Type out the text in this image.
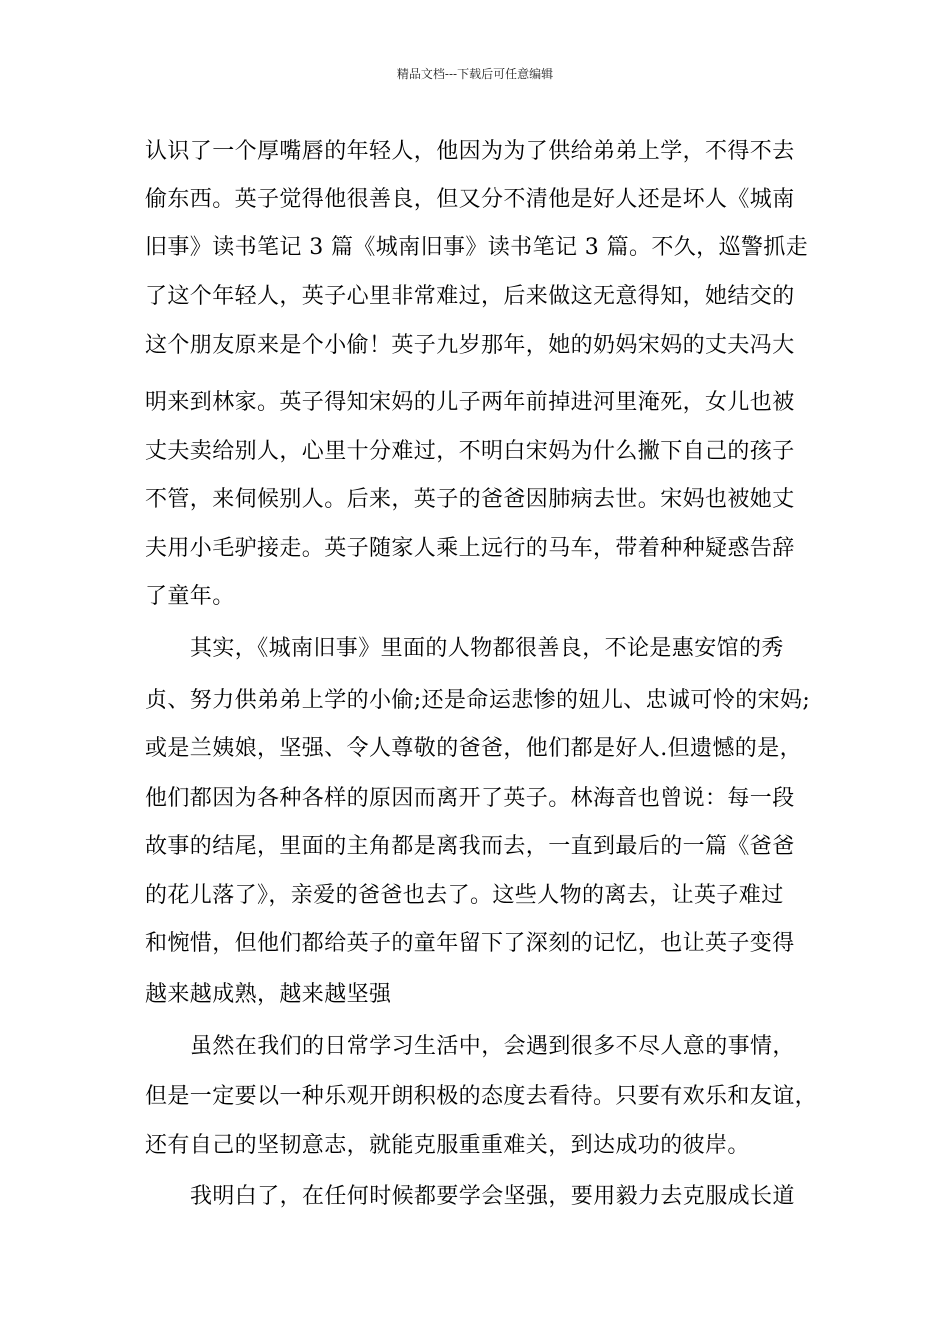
精品文档---下载后可任意编辑
认识了一个厚嘴唇的年轻人，他因为为了供给弟弟上学，不得不去
偷东西。英子觉得他很善良，但又分不清他是好人还是坏人《城南
旧事》读书笔记 3 篇《城南旧事》读书笔记 3 篇。不久，巡警抓走
了这个年轻人，英子心里非常难过，后来做这无意得知，她结交的
这个朋友原来是个小偷！英子九岁那年，她的奶妈宋妈的丈夫冯大
明来到林家。英子得知宋妈的儿子两年前掉进河里淹死，女儿也被
丈夫卖给别人，心里十分难过，不明白宋妈为什么撇下自己的孩子
不管，来伺候别人。后来，英子的爸爸因肺病去世。宋妈也被她丈
夫用小毛驴接走。英子随家人乘上远行的马车，带着种种疑惑告辞
了童年。
其实，《城南旧事》里面的人物都很善良，不论是惠安馆的秀
贞、努力供弟弟上学的小偷;还是命运悲惨的妞儿、忠诚可怜的宋妈;
或是兰姨娘，坚强、令人尊敬的爸爸，他们都是好人.但遗憾的是，
他们都因为各种各样的原因而离开了英子。林海音也曾说：每一段
故事的结尾，里面的主角都是离我而去，一直到最后的一篇《爸爸
的花儿落了》，亲爱的爸爸也去了。这些人物的离去，让英子难过
和惋惜，但他们都给英子的童年留下了深刻的记忆，也让英子变得
越来越成熟，越来越坚强
虽然在我们的日常学习生活中，会遇到很多不尽人意的事情，
但是一定要以一种乐观开朗积极的态度去看待。只要有欢乐和友谊，
还有自己的坚韧意志，就能克服重重难关，到达成功的彼岸。
我明白了，在任何时候都要学会坚强，要用毅力去克服成长道
